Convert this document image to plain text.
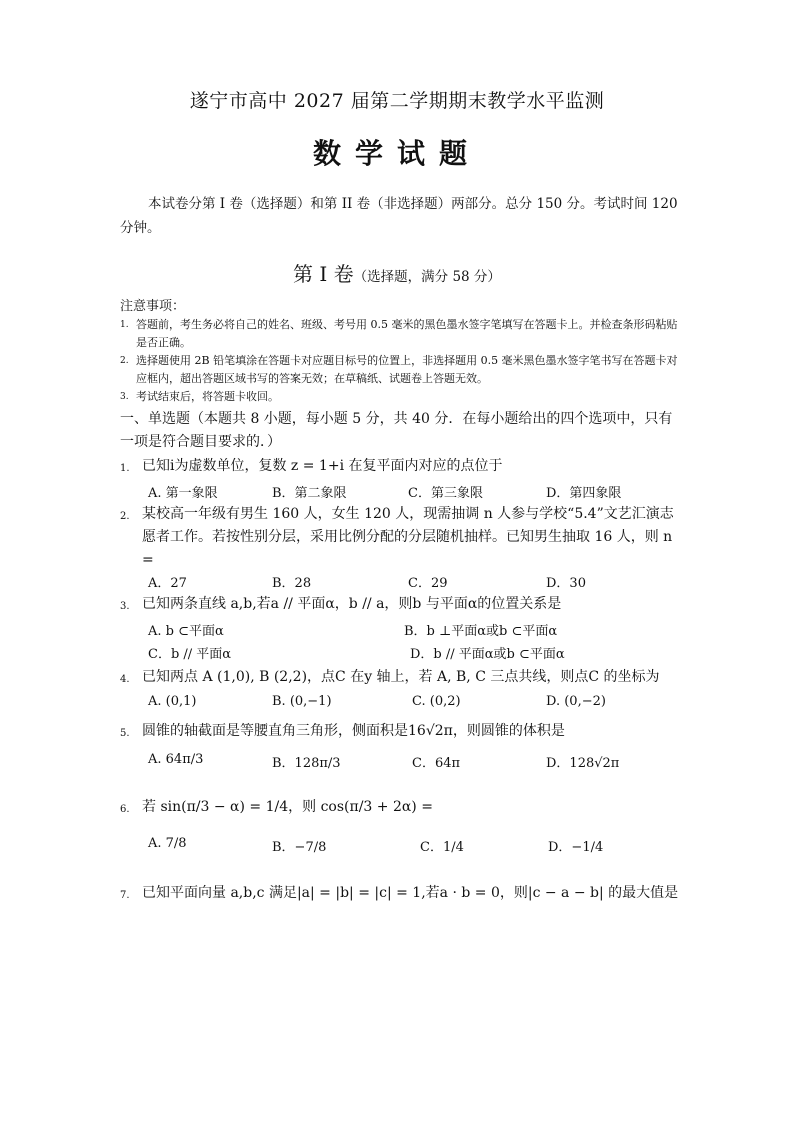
遂宁市高中 2027 届第二学期期末教学水平监测
数学试题
本试卷分第 I 卷（选择题）和第 II 卷（非选择题）两部分。总分 150 分。考试时间 120 分钟。
第 I 卷（选择题，满分 58 分）
注意事项：
1. 答题前，考生务必将自己的姓名、班级、考号用 0.5 毫米的黑色墨水签字笔填写在答题卡上。并检查条形码粘贴是否正确。
2. 选择题使用 2B 铅笔填涂在答题卡对应题目标号的位置上，非选择题用 0.5 毫米黑色墨水签字笔书写在答题卡对应框内，超出答题区域书写的答案无效；在草稿纸、试题卷上答题无效。
3. 考试结束后，将答题卡收回。
一、单选题（本题共 8 小题，每小题 5 分，共 40 分．在每小题给出的四个选项中，只有一项是符合题目要求的．）
1. 已知i为虚数单位，复数 z = 1+i 在复平面内对应的点位于
A. 第一象限	B．第二象限	C．第三象限	D．第四象限
2. 某校高一年级有男生 160 人，女生 120 人，现需抽调 n 人参与学校“5.4”文艺汇演志愿者工作。若按性别分层，采用比例分配的分层随机抽样。已知男生抽取 16 人，则 n =
A．27	B．28	C．29	D．30
3. 已知两条直线 a,b,若a // 平面α，b // a，则b 与平面α的位置关系是
A. b ⊂平面α	B．b ⊥平面α或b ⊂平面α
C．b // 平面α	D．b // 平面α或b ⊂平面α
4. 已知两点 A (1,0), B (2,2)，点C 在y 轴上，若 A, B, C 三点共线，则点C 的坐标为
A. (0,1)	B. (0,−1)	C. (0,2)	D. (0,−2)
5. 圆锥的轴截面是等腰直角三角形，侧面积是16√2π，则圆锥的体积是
A. 64π/3	B．128π/3	C．64π	D．128√2π
6. 若 sin(π/3 − α) = 1/4，则 cos(π/3 + 2α) =
A. 7/8	B．−7/8	C．1/4	D．−1/4
7. 已知平面向量 a,b,c 满足|a| = |b| = |c| = 1,若a · b = 0，则|c − a − b| 的最大值是
